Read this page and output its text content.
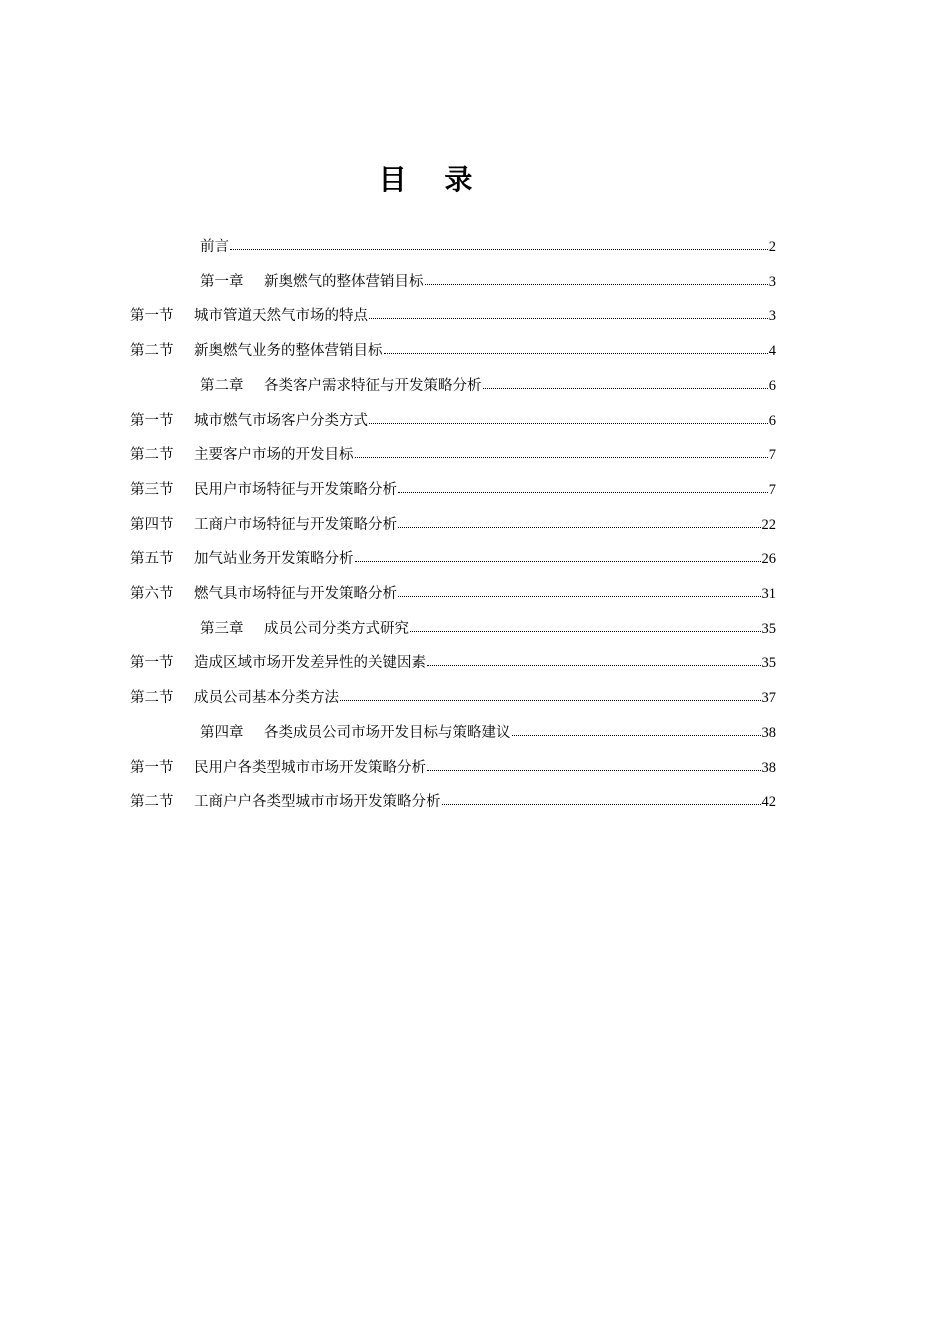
目 录
前言	2
第一章	新奥燃气的整体营销目标	3
第一节	城市管道天然气市场的特点	3
第二节	新奥燃气业务的整体营销目标	4
第二章	各类客户需求特征与开发策略分析	6
第一节	城市燃气市场客户分类方式	6
第二节	主要客户市场的开发目标	7
第三节	民用户市场特征与开发策略分析	7
第四节	工商户市场特征与开发策略分析	22
第五节	加气站业务开发策略分析	26
第六节	燃气具市场特征与开发策略分析	31
第三章	成员公司分类方式研究	35
第一节	造成区域市场开发差异性的关键因素	35
第二节	成员公司基本分类方法	37
第四章	各类成员公司市场开发目标与策略建议	38
第一节	民用户各类型城市市场开发策略分析	38
第二节	工商户户各类型城市市场开发策略分析	42
